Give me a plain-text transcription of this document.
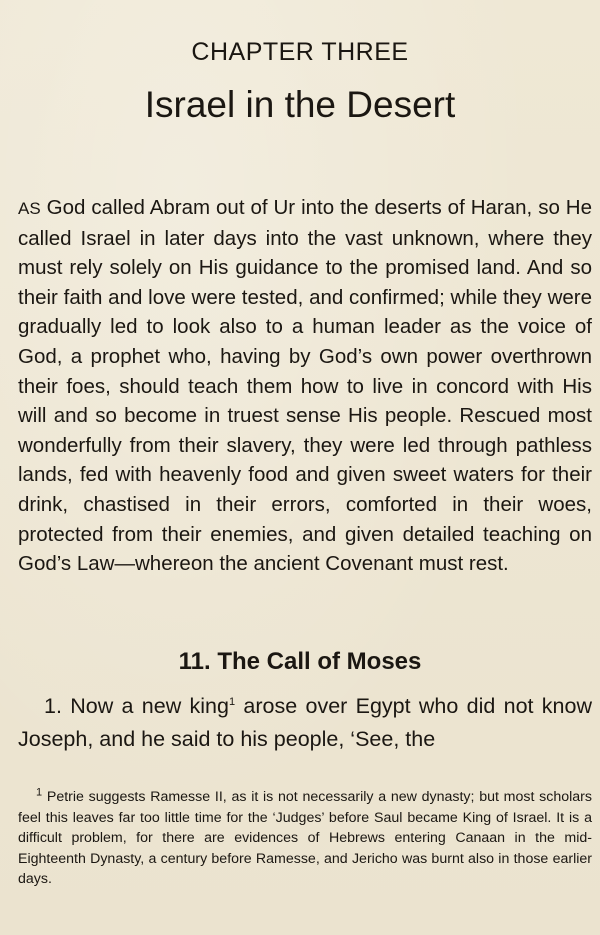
CHAPTER THREE
Israel in the Desert

AS God called Abram out of Ur into the deserts of Haran, so He called Israel in later days into the vast unknown, where they must rely solely on His guidance to the promised land. And so their faith and love were tested, and confirmed; while they were gradually led to look also to a human leader as the voice of God, a prophet who, having by God’s own power overthrown their foes, should teach them how to live in concord with His will and so become in truest sense His people. Rescued most wonderfully from their slavery, they were led through pathless lands, fed with heavenly food and given sweet waters for their drink, chastised in their errors, comforted in their woes, protected from their enemies, and given detailed teaching on God’s Law—whereon the ancient Covenant must rest.

11. The Call of Moses

1. Now a new king$^1$ arose over Egypt who did not know Joseph, and he said to his people, ‘See, the

$^1$ Petrie suggests Ramesse II, as it is not necessarily a new dynasty; but most scholars feel this leaves far too little time for the ‘Judges’ before Saul became King of Israel. It is a difficult problem, for there are evidences of Hebrews entering Canaan in the mid-Eighteenth Dynasty, a century before Ramesse, and Jericho was burnt also in those earlier days.
